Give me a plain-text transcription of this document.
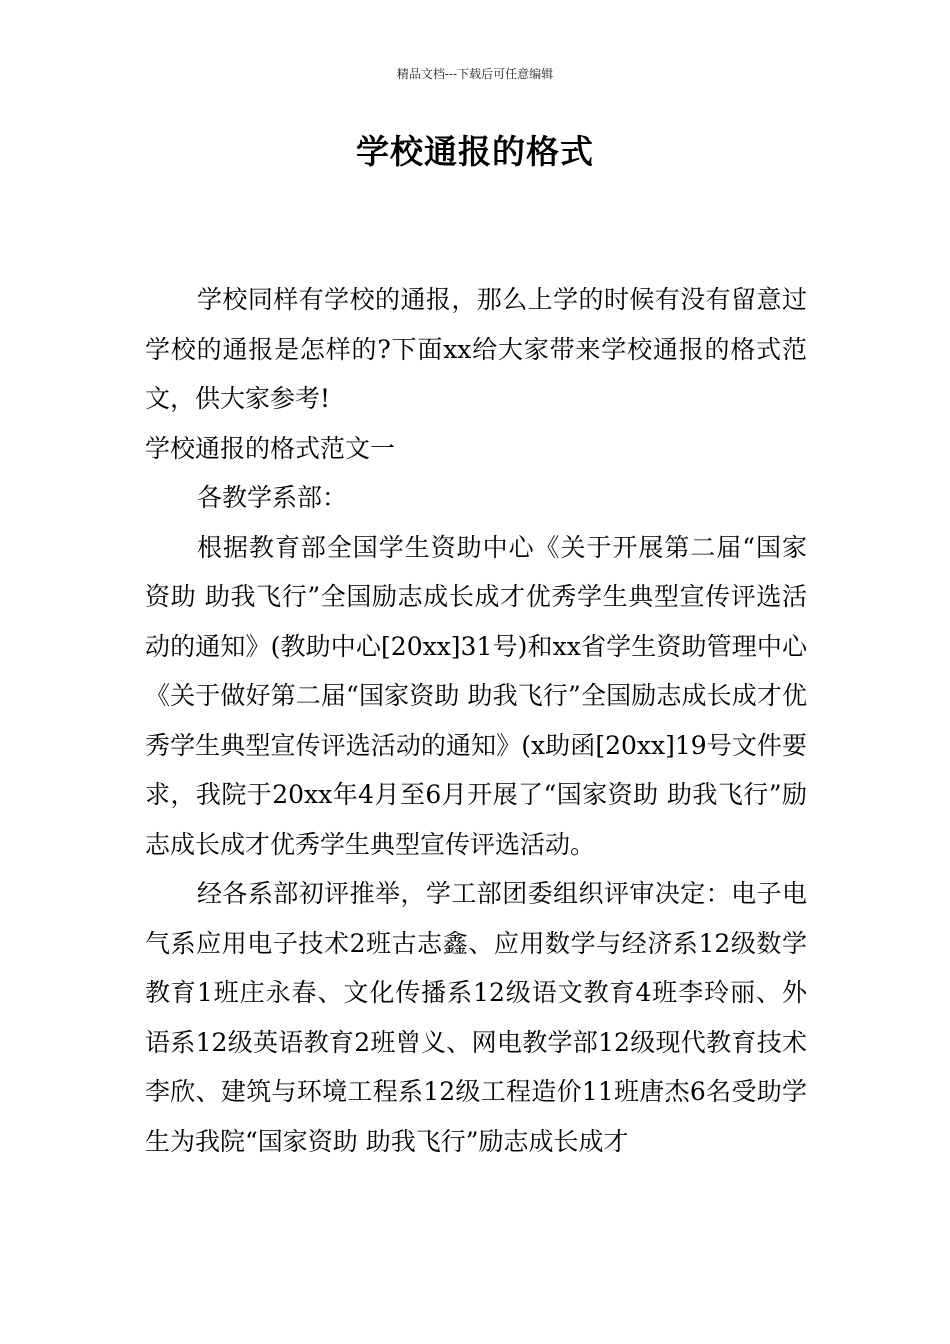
精品文档---下载后可任意编辑
学校通报的格式

学校同样有学校的通报，那么上学的时候有没有留意过学校的通报是怎样的?下面xx给大家带来学校通报的格式范文，供大家参考!

学校通报的格式范文一

各教学系部：

根据教育部全国学生资助中心《关于开展第二届“国家资助 助我飞行”全国励志成长成才优秀学生典型宣传评选活动的通知》(教助中心[20xx]31号)和xx省学生资助管理中心《关于做好第二届“国家资助 助我飞行”全国励志成长成才优秀学生典型宣传评选活动的通知》(x助函[20xx]19号文件要求，我院于20xx年4月至6月开展了“国家资助 助我飞行”励志成长成才优秀学生典型宣传评选活动。

经各系部初评推举，学工部团委组织评审决定：电子电气系应用电子技术2班古志鑫、应用数学与经济系12级数学教育1班庄永春、文化传播系12级语文教育4班李玲丽、外语系12级英语教育2班曾义、网电教学部12级现代教育技术李欣、建筑与环境工程系12级工程造价11班唐杰6名受助学生为我院“国家资助 助我飞行”励志成长成才
